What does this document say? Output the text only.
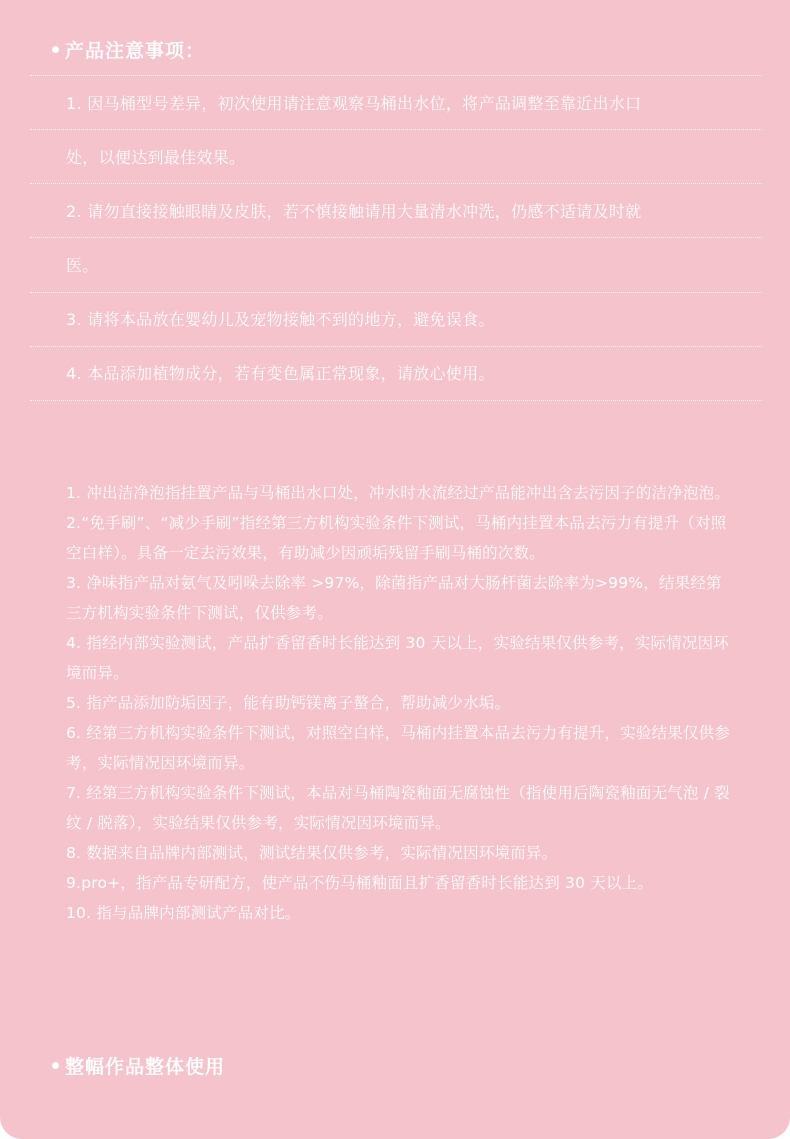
产品注意事项：
1. 因马桶型号差异，初次使用请注意观察马桶出水位，将产品调整至靠近出水口
处，以便达到最佳效果。
2. 请勿直接接触眼睛及皮肤，若不慎接触请用大量清水冲洗，仍感不适请及时就
医。
3. 请将本品放在婴幼儿及宠物接触不到的地方，避免误食。
4. 本品添加植物成分，若有变色属正常现象，请放心使用。

1. 冲出洁净泡指挂置产品与马桶出水口处，冲水时水流经过产品能冲出含去污因子的洁净泡泡。

2.“免手刷”、“减少手刷”指经第三方机构实验条件下测试，马桶内挂置本品去污力有提升（对照空白样）。具备一定去污效果，有助减少因顽垢残留手刷马桶的次数。

3. 净味指产品对氨气及吲哚去除率 >97%，除菌指产品对大肠杆菌去除率为>99%，结果经第三方机构实验条件下测试，仅供参考。

4. 指经内部实验测试，产品扩香留香时长能达到 30 天以上，实验结果仅供参考，实际情况因环境而异。

5. 指产品添加防垢因子，能有助钙镁离子螯合，帮助减少水垢。

6. 经第三方机构实验条件下测试，对照空白样，马桶内挂置本品去污力有提升，实验结果仅供参考，实际情况因环境而异。

7. 经第三方机构实验条件下测试，本品对马桶陶瓷釉面无腐蚀性（指使用后陶瓷釉面无气泡 / 裂纹 / 脱落），实验结果仅供参考，实际情况因环境而异。

8. 数据来自品牌内部测试，测试结果仅供参考，实际情况因环境而异。

9.pro+，指产品专研配方，使产品不伤马桶釉面且扩香留香时长能达到 30 天以上。

10. 指与品牌内部测试产品对比。

整幅作品整体使用
